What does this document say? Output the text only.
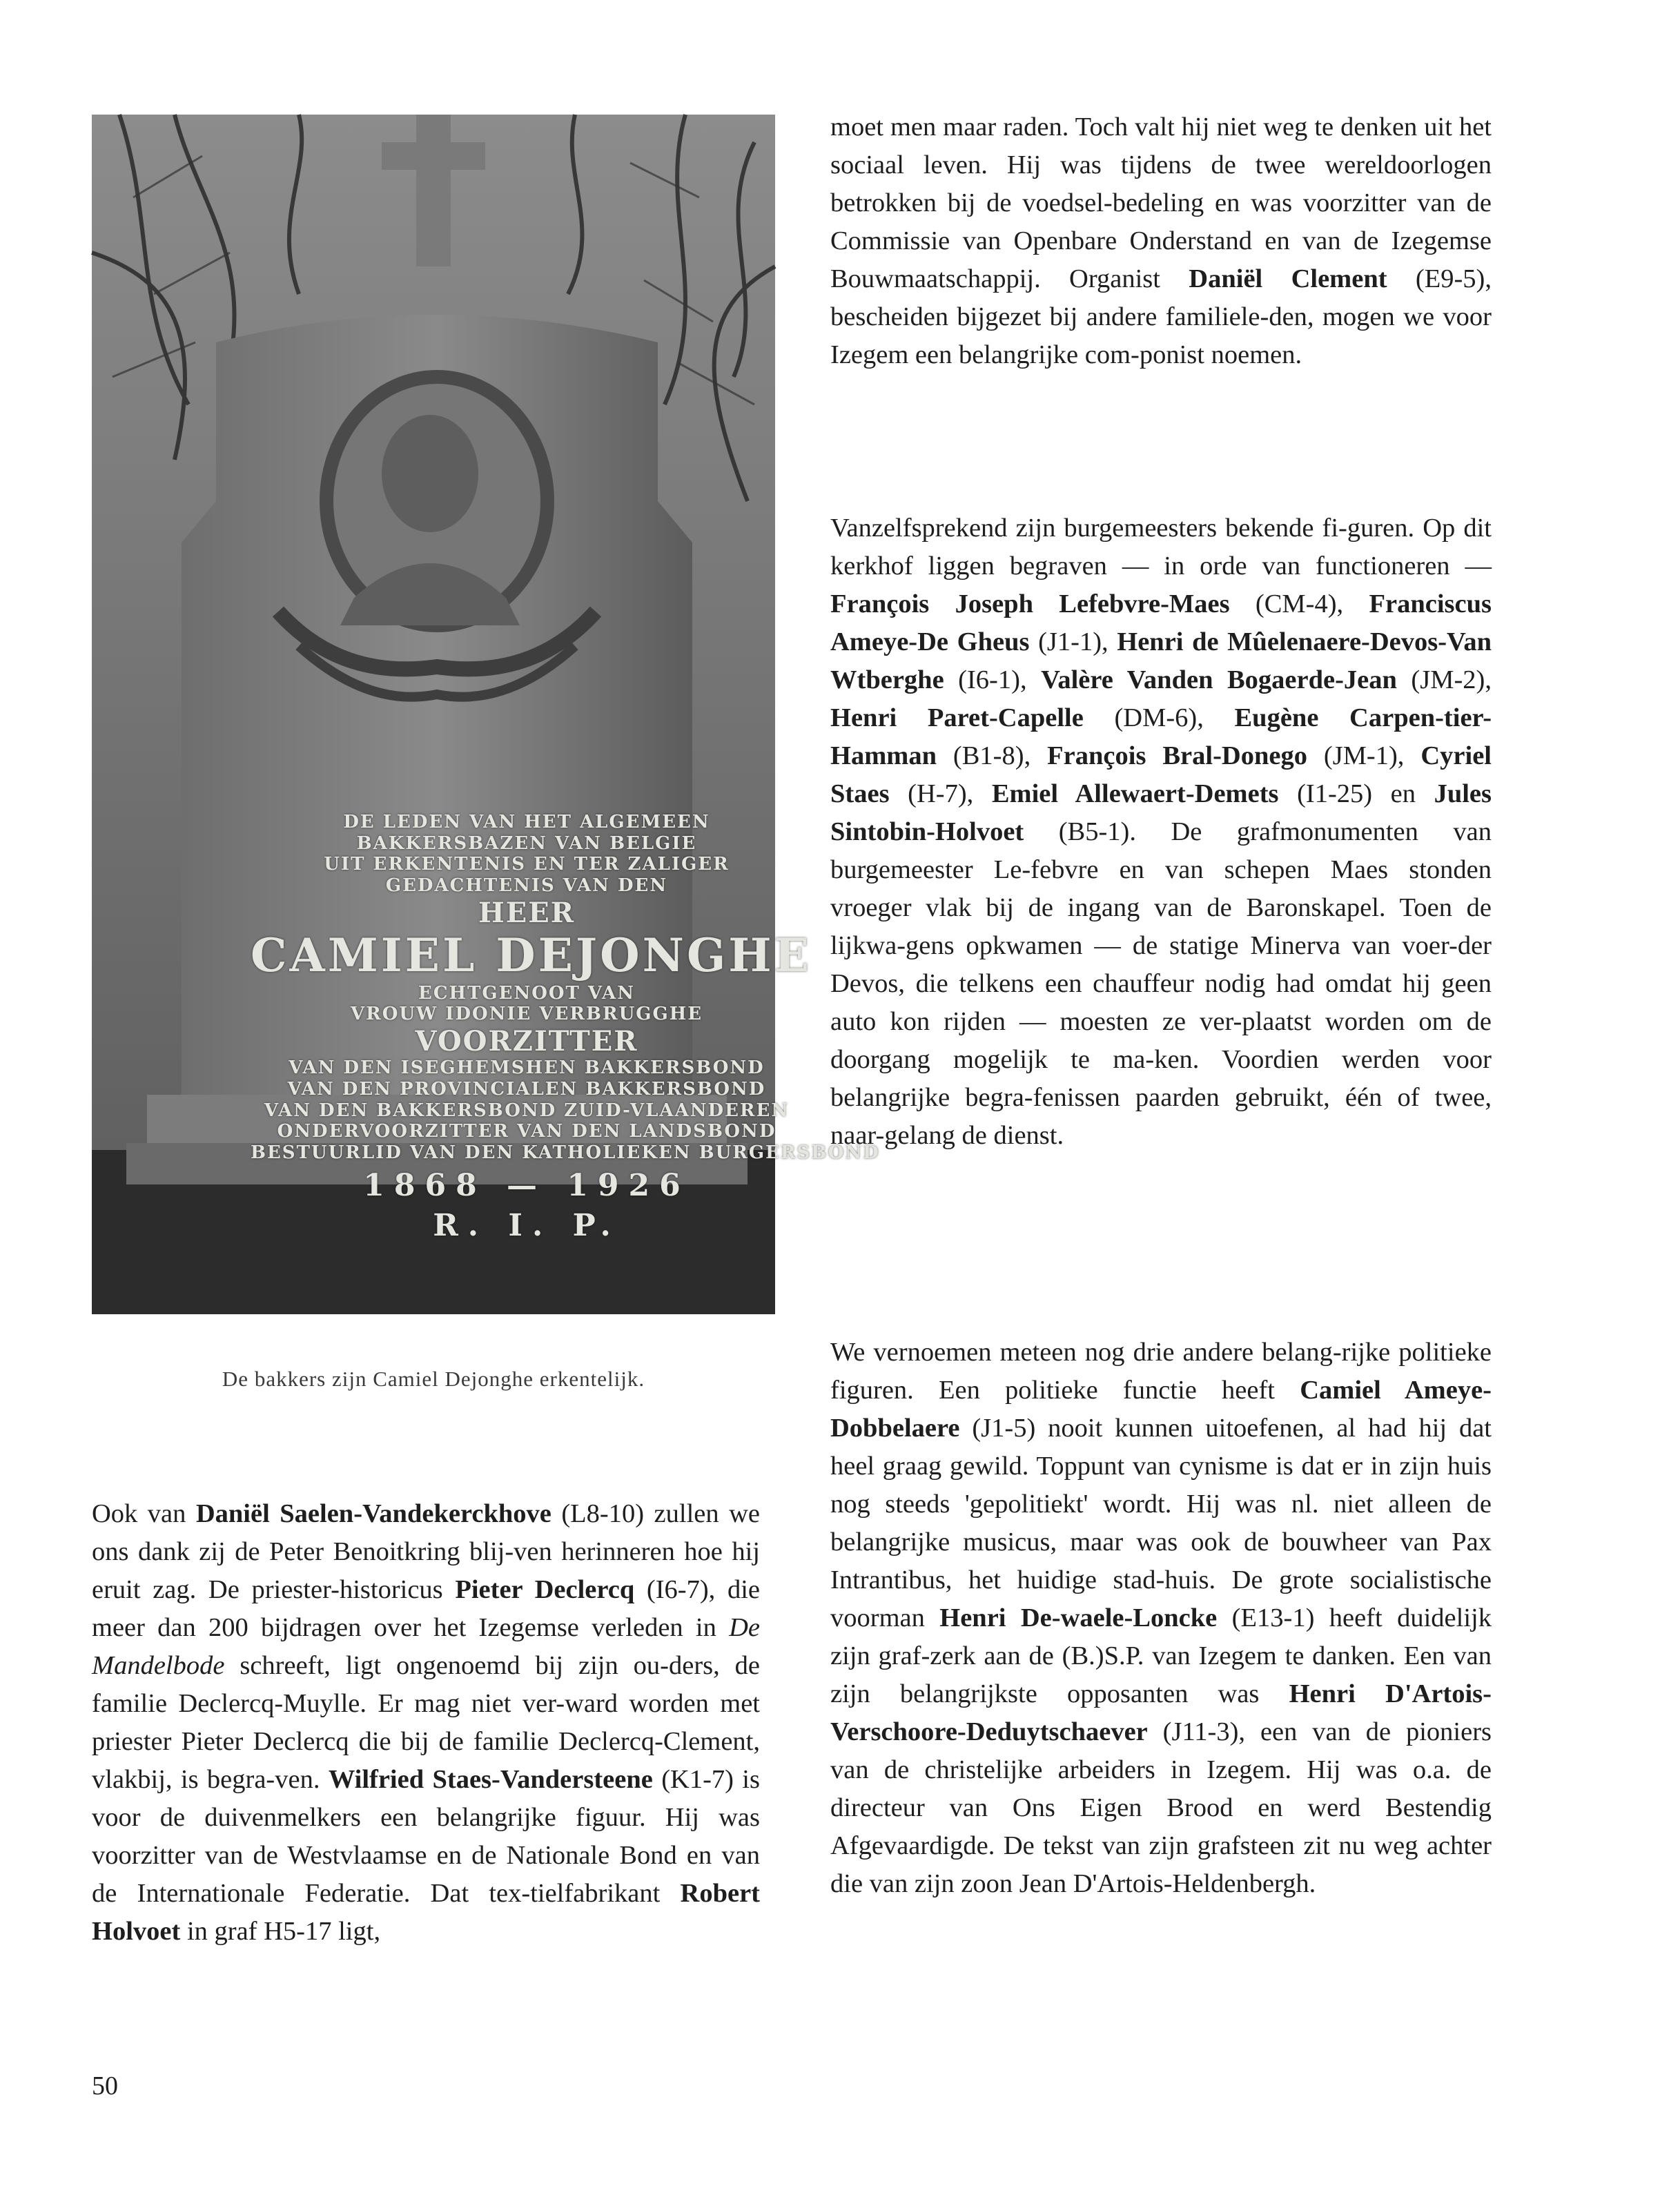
DE LEDEN VAN HET ALGEMEEN
BAKKERSBAZEN VAN BELGIE
UIT ERKENTENIS EN TER ZALIGER
GEDACHTENIS VAN DEN
HEER
CAMIEL DEJONGHE
ECHTGENOOT VAN
VROUW IDONIE VERBRUGGHE
VOORZITTER
VAN DEN ISEGHEMSHEN BAKKERSBOND
VAN DEN PROVINCIALEN BAKKERSBOND
VAN DEN BAKKERSBOND ZUID-VLAANDEREN
ONDERVOORZITTER VAN DEN LANDSBOND
BESTUURLID VAN DEN KATHOLIEKEN BURGERSBOND
1868 — 1926
R. I. P.
De bakkers zijn Camiel Dejonghe erkentelijk.

Ook van Daniël Saelen-Vandekerckhove (L8-10) zullen we ons dank zij de Peter Benoitkring blij-ven herinneren hoe hij eruit zag. De priester-historicus Pieter Declercq (I6-7), die meer dan 200 bijdragen over het Izegemse verleden in De Mandelbode schreeft, ligt ongenoemd bij zijn ou-ders, de familie Declercq-Muylle. Er mag niet ver-ward worden met priester Pieter Declercq die bij de familie Declercq-Clement, vlakbij, is begra-ven. Wilfried Staes-Vandersteene (K1-7) is voor de duivenmelkers een belangrijke figuur. Hij was voorzitter van de Westvlaamse en de Nationale Bond en van de Internationale Federatie. Dat tex-tielfabrikant Robert Holvoet in graf H5-17 ligt,

moet men maar raden. Toch valt hij niet weg te denken uit het sociaal leven. Hij was tijdens de twee wereldoorlogen betrokken bij de voedsel-bedeling en was voorzitter van de Commissie van Openbare Onderstand en van de Izegemse Bouwmaatschappij. Organist Daniël Clement (E9-5), bescheiden bijgezet bij andere familiele-den, mogen we voor Izegem een belangrijke com-ponist noemen.

Vanzelfsprekend zijn burgemeesters bekende fi-guren. Op dit kerkhof liggen begraven — in orde van functioneren — François Joseph Lefebvre-Maes (CM-4), Franciscus Ameye-De Gheus (J1-1), Henri de Mûelenaere-Devos-Van Wtberghe (I6-1), Valère Vanden Bogaerde-Jean (JM-2), Henri Paret-Capelle (DM-6), Eugène Carpen-tier-Hamman (B1-8), François Bral-Donego (JM-1), Cyriel Staes (H-7), Emiel Allewaert-Demets (I1-25) en Jules Sintobin-Holvoet (B5-1). De grafmonumenten van burgemeester Le-febvre en van schepen Maes stonden vroeger vlak bij de ingang van de Baronskapel. Toen de lijkwa-gens opkwamen — de statige Minerva van voer-der Devos, die telkens een chauffeur nodig had omdat hij geen auto kon rijden — moesten ze ver-plaatst worden om de doorgang mogelijk te ma-ken. Voordien werden voor belangrijke begra-fenissen paarden gebruikt, één of twee, naar-gelang de dienst.

We vernoemen meteen nog drie andere belang-rijke politieke figuren. Een politieke functie heeft Camiel Ameye-Dobbelaere (J1-5) nooit kunnen uitoefenen, al had hij dat heel graag gewild. Toppunt van cynisme is dat er in zijn huis nog steeds 'gepolitiekt' wordt. Hij was nl. niet alleen de belangrijke musicus, maar was ook de bouwheer van Pax Intrantibus, het huidige stad-huis. De grote socialistische voorman Henri De-waele-Loncke (E13-1) heeft duidelijk zijn graf-zerk aan de (B.)S.P. van Izegem te danken. Een van zijn belangrijkste opposanten was Henri D'Artois-Verschoore-Deduytschaever (J11-3), een van de pioniers van de christelijke arbeiders in Izegem. Hij was o.a. de directeur van Ons Eigen Brood en werd Bestendig Afgevaardigde. De tekst van zijn grafsteen zit nu weg achter die van zijn zoon Jean D'Artois-Heldenbergh.

50
